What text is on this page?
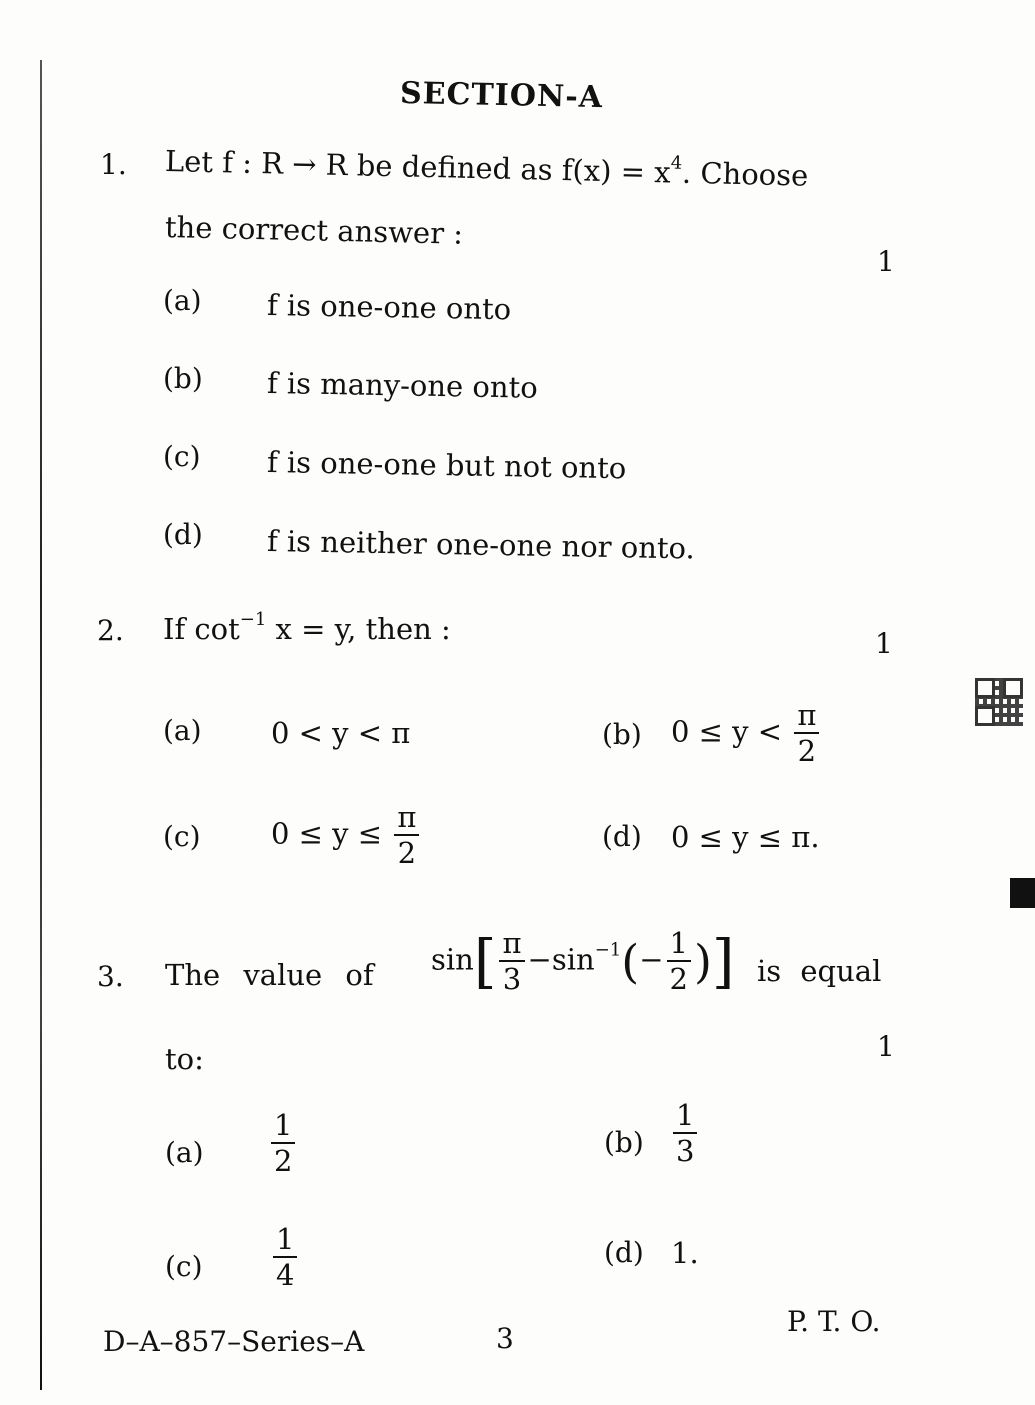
SECTION-A
1. Let f : R → R be defined as $f(x) = x^4$. Choose
the correct answer :
1
(a) f is one-one onto
(b) f is many-one onto
(c) f is one-one but not onto
(d) f is neither one-one nor onto.
2. If $\cot^{-1} x = y$, then :	1
(a) 0 < y < π	(b) $0 \le y < \frac{\pi}{2}$
(c) $0 \le y \le \frac{\pi}{2}$	(d) 0 ≤ y ≤ π.
3. The value of $\sin[ \frac{\pi}{3} -\sin^{-1}(- \frac{1}{2}$ )] is equal
to:	1
$(a) \frac{1}{2}$	$(b) \frac{1}{3}$
$(c) \frac{1}{4}$	(d) 1.
D–A–857–Series–A	3
P. T. O.
